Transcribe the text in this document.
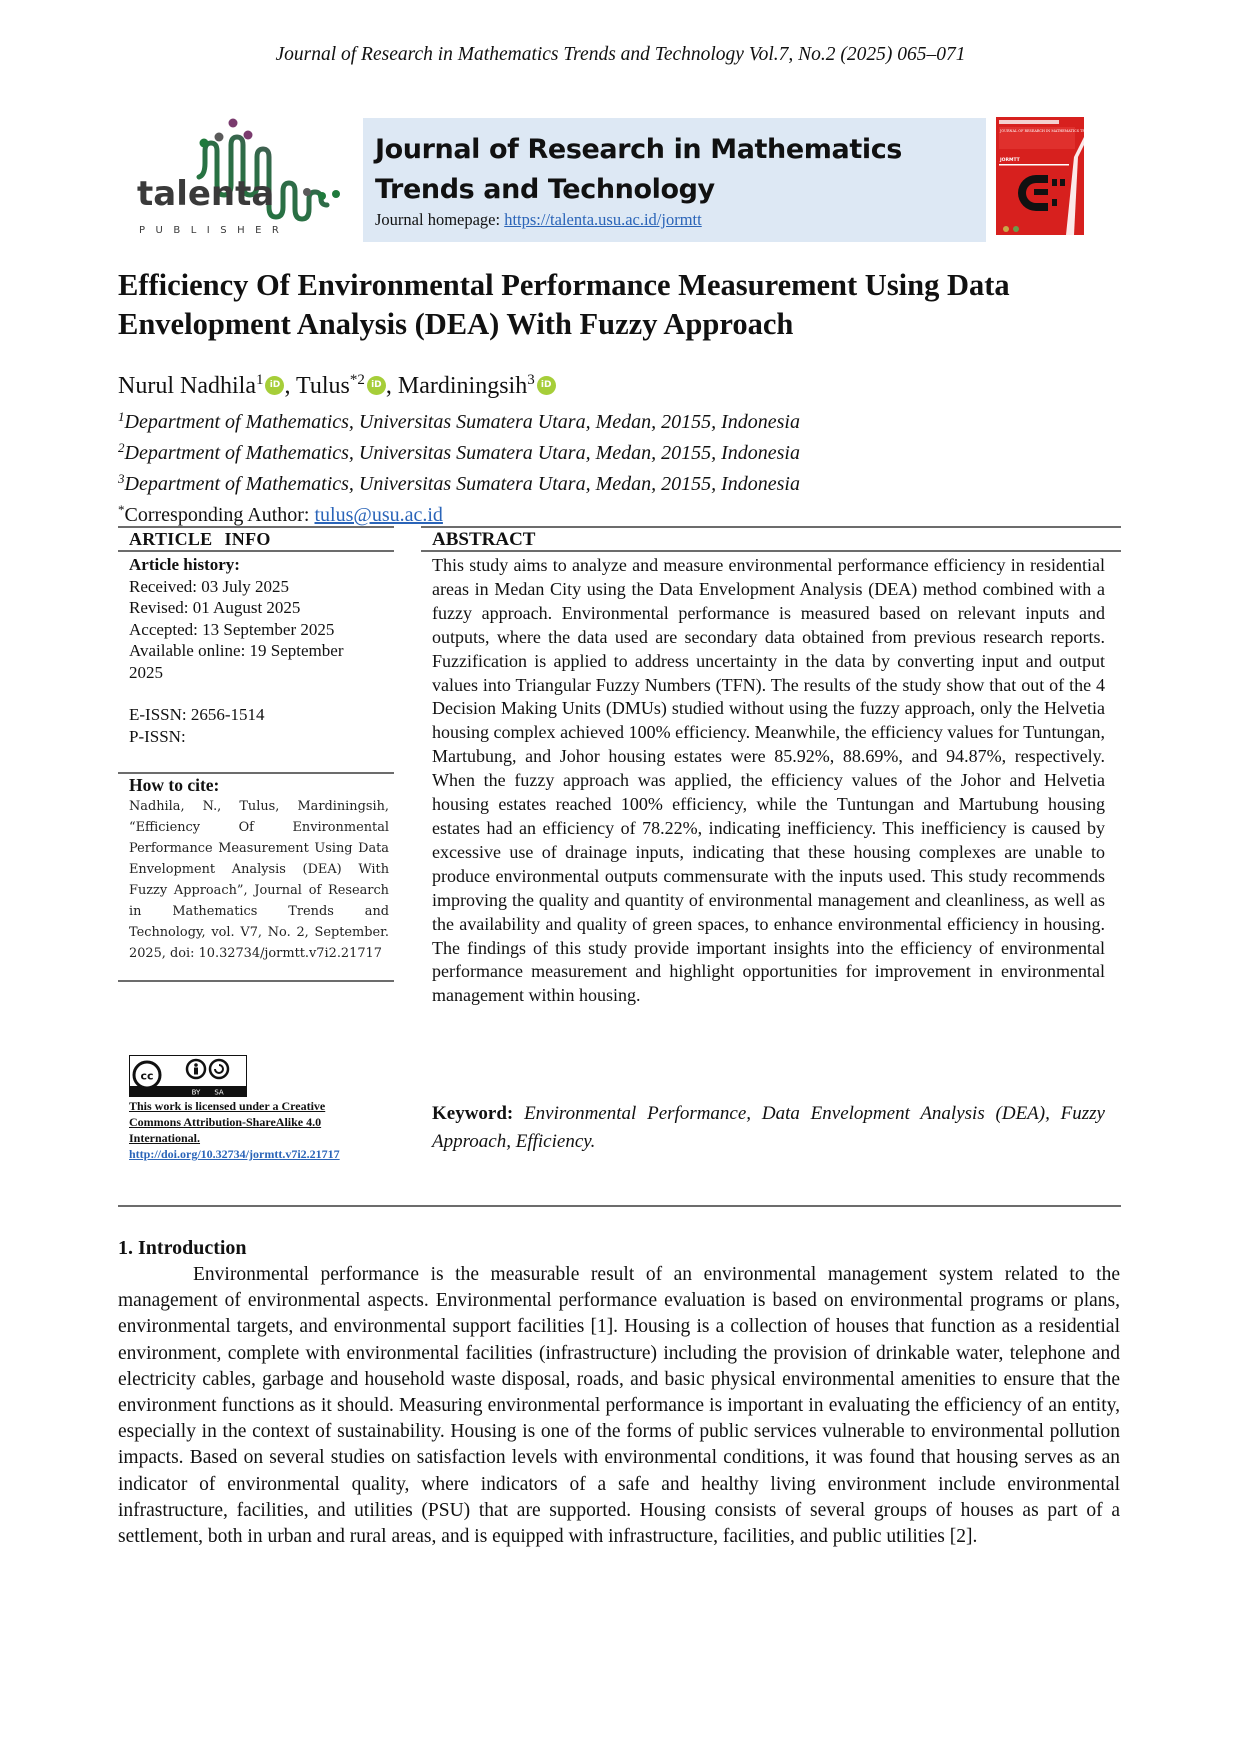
Journal of Research in Mathematics Trends and Technology Vol.7, No.2 (2025) 065–071
talenta
PUBLISHER
Journal of Research in Mathematics Trends and Technology
Journal homepage: https://talenta.usu.ac.id/jormtt
JOURNAL OF RESEARCH IN MATHEMATICS TRENDS AND TECHNOLOGY
JORMTT
Efficiency Of Environmental Performance Measurement Using Data Envelopment Analysis (DEA) With Fuzzy Approach
Nurul Nadhila$^1$ iD , Tulus$^{*2}$ iD , Mardiningsih$^3$ iD
$^1$Department of Mathematics, Universitas Sumatera Utara, Medan, 20155, Indonesia
$^2$Department of Mathematics, Universitas Sumatera Utara, Medan, 20155, Indonesia
$^3$Department of Mathematics, Universitas Sumatera Utara, Medan, 20155, Indonesia
*Corresponding Author: tulus@usu.ac.id
ARTICLE INFO
Article history:
Received: 03 July 2025
Revised: 01 August 2025
Accepted: 13 September 2025
Available online: 19 September 2025
E-ISSN: 2656-1514
P-ISSN:
How to cite:
Nadhila, N., Tulus, Mardiningsih, “Efficiency Of Environmental Performance Measurement Using Data Envelopment Analysis (DEA) With Fuzzy Approach”, Journal of Research in Mathematics Trends and Technology, vol. V7, No. 2, September. 2025, doi: 10.32734/jormtt.v7i2.21717
cc
BY SA
This work is licensed under a Creative Commons Attribution-ShareAlike 4.0 International.
http://doi.org/10.32734/jormtt.v7i2.21717
ABSTRACT
This study aims to analyze and measure environmental performance efficiency in residential areas in Medan City using the Data Envelopment Analysis (DEA) method combined with a fuzzy approach. Environmental performance is measured based on relevant inputs and outputs, where the data used are secondary data obtained from previous research reports. Fuzzification is applied to address uncertainty in the data by converting input and output values into Triangular Fuzzy Numbers (TFN). The results of the study show that out of the 4 Decision Making Units (DMUs) studied without using the fuzzy approach, only the Helvetia housing complex achieved 100% efficiency. Meanwhile, the efficiency values for Tuntungan, Martubung, and Johor housing estates were 85.92%, 88.69%, and 94.87%, respectively. When the fuzzy approach was applied, the efficiency values of the Johor and Helvetia housing estates reached 100% efficiency, while the Tuntungan and Martubung housing estates had an efficiency of 78.22%, indicating inefficiency. This inefficiency is caused by excessive use of drainage inputs, indicating that these housing complexes are unable to produce environmental outputs commensurate with the inputs used. This study recommends improving the quality and quantity of environmental management and cleanliness, as well as the availability and quality of green spaces, to enhance environmental efficiency in housing. The findings of this study provide important insights into the efficiency of environmental performance measurement and highlight opportunities for improvement in environmental management within housing.
Keyword: Environmental Performance, Data Envelopment Analysis (DEA), Fuzzy Approach, Efficiency.
1. Introduction
Environmental performance is the measurable result of an environmental management system related to the management of environmental aspects. Environmental performance evaluation is based on environmental programs or plans, environmental targets, and environmental support facilities [1]. Housing is a collection of houses that function as a residential environment, complete with environmental facilities (infrastructure) including the provision of drinkable water, telephone and electricity cables, garbage and household waste disposal, roads, and basic physical environmental amenities to ensure that the environment functions as it should. Measuring environmental performance is important in evaluating the efficiency of an entity, especially in the context of sustainability. Housing is one of the forms of public services vulnerable to environmental pollution impacts. Based on several studies on satisfaction levels with environmental conditions, it was found that housing serves as an indicator of environmental quality, where indicators of a safe and healthy living environment include environmental infrastructure, facilities, and utilities (PSU) that are supported. Housing consists of several groups of houses as part of a settlement, both in urban and rural areas, and is equipped with infrastructure, facilities, and public utilities [2].
